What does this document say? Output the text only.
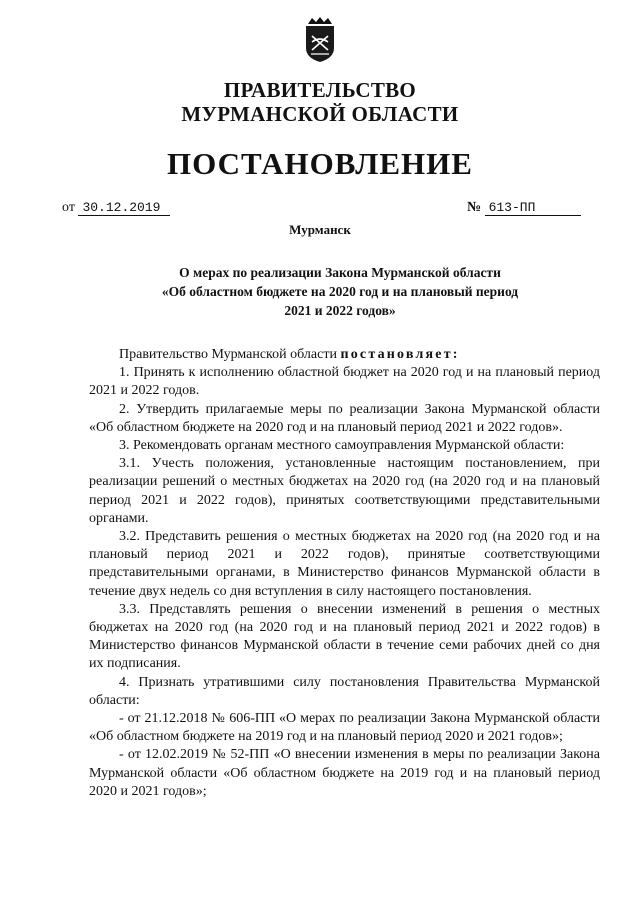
ПРАВИТЕЛЬСТВО
МУРМАНСКОЙ ОБЛАСТИ
ПОСТАНОВЛЕНИЕ
от 30.12.2019	№ 613-ПП
Мурманск
О мерах по реализации Закона Мурманской области
«Об областном бюджете на 2020 год и на плановый период
2021 и 2022 годов»

Правительство Мурманской области постановляет:

1. Принять к исполнению областной бюджет на 2020 год и на плановый период 2021 и 2022 годов.

2. Утвердить прилагаемые меры по реализации Закона Мурманской области «Об областном бюджете на 2020 год и на плановый период 2021 и 2022 годов».

3. Рекомендовать органам местного самоуправления Мурманской области:

3.1. Учесть положения, установленные настоящим постановлением, при реализации решений о местных бюджетах на 2020 год (на 2020 год и на плановый период 2021 и 2022 годов), принятых соответствующими представительными органами.

3.2. Представить решения о местных бюджетах на 2020 год (на 2020 год и на плановый период 2021 и 2022 годов), принятые соответствующими представительными органами, в Министерство финансов Мурманской области в течение двух недель со дня вступления в силу настоящего постановления.

3.3. Представлять решения о внесении изменений в решения о местных бюджетах на 2020 год (на 2020 год и на плановый период 2021 и 2022 годов) в Министерство финансов Мурманской области в течение семи рабочих дней со дня их подписания.

4. Признать утратившими силу постановления Правительства Мурманской области:

- от 21.12.2018 № 606-ПП «О мерах по реализации Закона Мурманской области «Об областном бюджете на 2019 год и на плановый период 2020 и 2021 годов»;

- от 12.02.2019 № 52-ПП «О внесении изменения в меры по реализации Закона Мурманской области «Об областном бюджете на 2019 год и на плановый период 2020 и 2021 годов»;
